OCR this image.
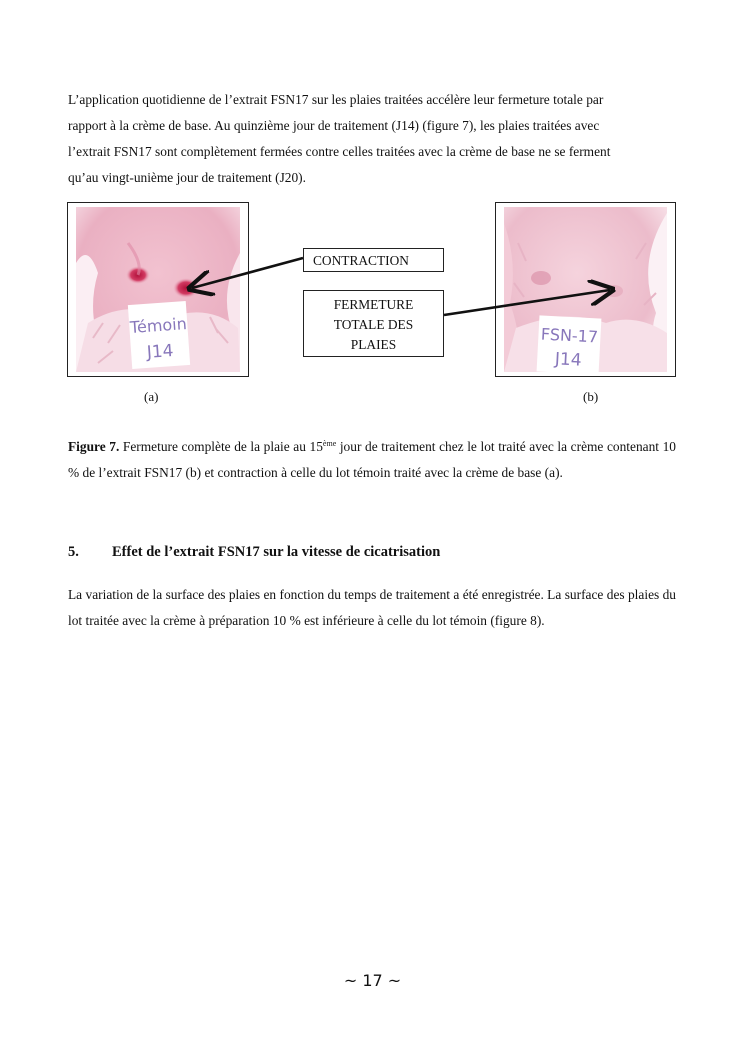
L’application quotidienne de l’extrait FSN17 sur les plaies traitées accélère leur fermeture totale par
rapport à la crème de base. Au quinzième jour de traitement (J14) (figure 7), les plaies traitées avec
l’extrait FSN17 sont complètement fermées contre celles traitées avec la crème de base ne se ferment
qu’au vingt-unième jour de traitement (J20).
Témoin
J14
FSN-17
J14
CONTRACTION
FERMETURE
TOTALE DES
PLAIES
(a)	(b)

Figure 7. Fermeture complète de la plaie au 15ème jour de traitement chez le lot traité avec la crème contenant 10 % de l’extrait FSN17 (b) et contraction à celle du lot témoin traité avec la crème de base (a).

5. Effet de l’extrait FSN17 sur la vitesse de cicatrisation

La variation de la surface des plaies en fonction du temps de traitement a été enregistrée. La surface des plaies du lot traitée avec la crème à préparation 10 % est inférieure à celle du lot témoin (figure 8).

~ 17 ~
